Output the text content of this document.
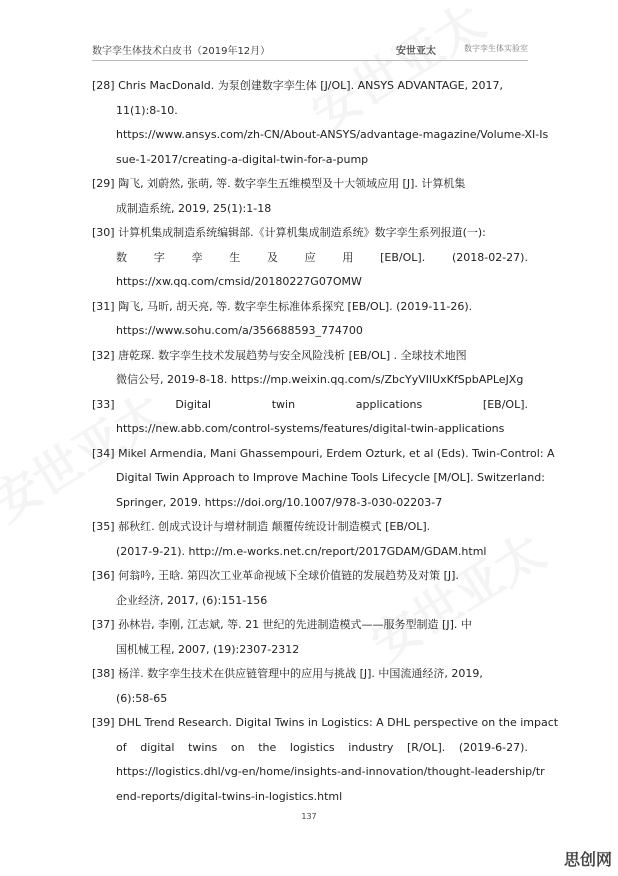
数字孪生体技术白皮书（2019年12月）	安世亚太	数字孪生体实验室
[28] Chris MacDonald. 为泵创建数字孪生体 [J/OL]. ANSYS ADVANTAGE, 2017,
11(1):8-10.
https://www.ansys.com/zh-CN/About-ANSYS/advantage-magazine/Volume-XI-Is
sue-1-2017/creating-a-digital-twin-for-a-pump
[29] 陶飞, 刘蔚然, 张萌, 等. 数字孪生五维模型及十大领域应用 [J]. 计算机集
成制造系统, 2019, 25(1):1-18
[30] 计算机集成制造系统编辑部.《计算机集成制造系统》数字孪生系列报道(一):
数 字 孪 生 及 应 用 [EB/OL]. (2018-02-27).
https://xw.qq.com/cmsid/20180227G07OMW
[31] 陶飞, 马昕, 胡天亮, 等. 数字孪生标准体系探究 [EB/OL]. (2019-11-26).
https://www.sohu.com/a/356688593_774700
[32] 唐乾琛. 数字孪生技术发展趋势与安全风险浅析 [EB/OL] . 全球技术地图
微信公号, 2019-8-18. https://mp.weixin.qq.com/s/ZbcYyVIlUxKfSpbAPLeJXg
[33]	Digital	twin	applications	[EB/OL].
https://new.abb.com/control-systems/features/digital-twin-applications
[34] Mikel Armendia, Mani Ghassempouri, Erdem Ozturk, et al (Eds). Twin-Control: A
Digital Twin Approach to Improve Machine Tools Lifecycle [M/OL]. Switzerland:
Springer, 2019. https://doi.org/10.1007/978-3-030-02203-7
[35] 郝秋红. 创成式设计与增材制造 颠覆传统设计制造模式 [EB/OL].
(2017-9-21). http://m.e-works.net.cn/report/2017GDAM/GDAM.html
[36] 何翁吟, 王晗. 第四次工业革命视域下全球价值链的发展趋势及对策 [J].
企业经济, 2017, (6):151-156
[37] 孙林岩, 李刚, 江志斌, 等. 21 世纪的先进制造模式——服务型制造 [J]. 中
国机械工程, 2007, (19):2307-2312
[38] 杨洋. 数字孪生技术在供应链管理中的应用与挑战 [J]. 中国流通经济, 2019,
(6):58-65
[39] DHL Trend Research. Digital Twins in Logistics: A DHL perspective on the impact
of digital twins on the logistics industry [R/OL]. (2019-6-27).
https://logistics.dhl/vg-en/home/insights-and-innovation/thought-leadership/tr
end-reports/digital-twins-in-logistics.html
137
思创网
